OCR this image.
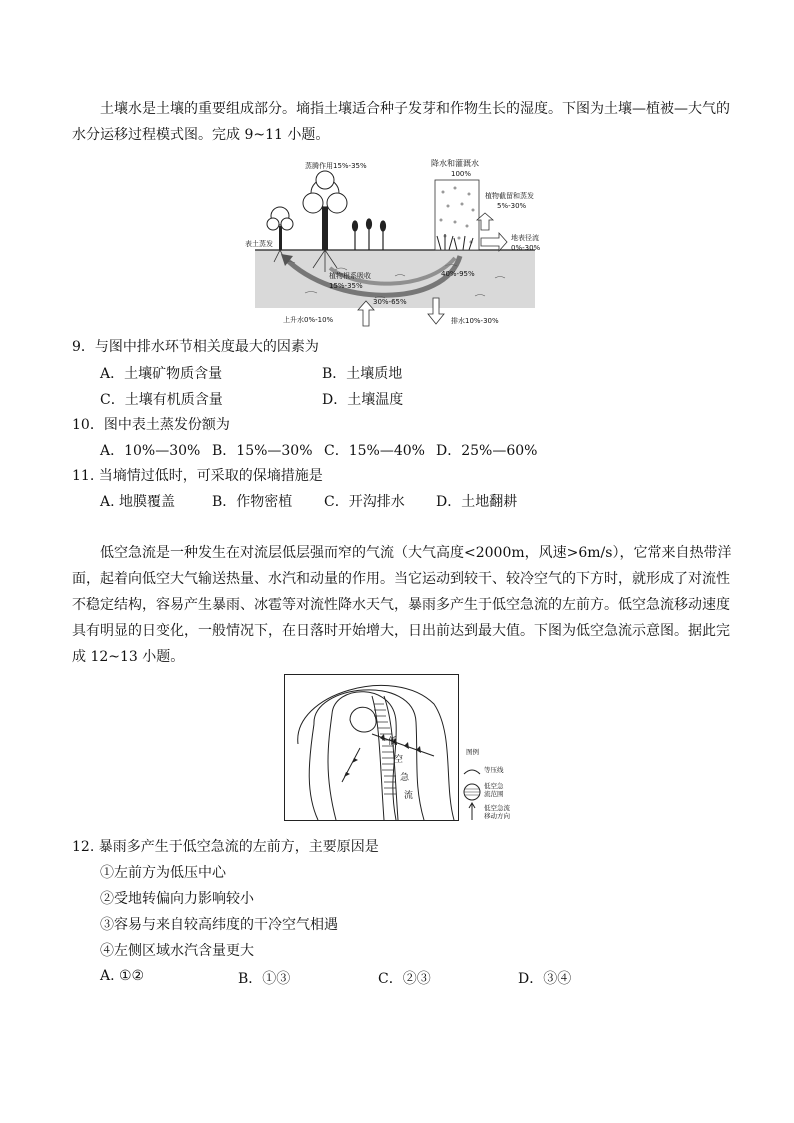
土壤水是土壤的重要组成部分。墒指土壤适合种子发芽和作物生长的湿度。下图为土壤—植被—大气的水分运移过程模式图。完成 9~11 小题。

蒸腾作用15%-35%	降水和灌溉水
100%
植物截留和蒸发
5%-30%
表土蒸发
地表径流
0%-30%
植物根系吸收
15%-35%
40%-95%
30%-65%
上升水0%-10%	排水10%-30%
9．与图中排水环节相关度最大的因素为
A．土壤矿物质含量	B．土壤质地
C．土壤有机质含量	D．土壤温度
10．图中表土蒸发份额为
A．10%—30% B．15%—30% C．15%—40% D．25%—60%
11. 当墒情过低时，可采取的保墒措施是
A. 地膜覆盖	B．作物密植 C．开沟排水 D．土地翻耕

低空急流是一种发生在对流层低层强而窄的气流（大气高度<2000m，风速>6m/s），它常来自热带洋面，起着向低空大气输送热量、水汽和动量的作用。当它运动到较干、较冷空气的下方时，就形成了对流性不稳定结构，容易产生暴雨、冰雹等对流性降水天气，暴雨多产生于低空急流的左前方。低空急流移动速度具有明显的日变化，一般情况下，在日落时开始增大，日出前达到最大值。下图为低空急流示意图。据此完成 12~13 小题。

低
空
急
流
图例
等压线
低空急
流范围
低空急流
移动方向
12. 暴雨多产生于低空急流的左前方，主要原因是
①左前方为低压中心
②受地转偏向力影响较小
③容易与来自较高纬度的干冷空气相遇
④左侧区域水汽含量更大
A. ①②	B．①③	C．②③	D．③④
